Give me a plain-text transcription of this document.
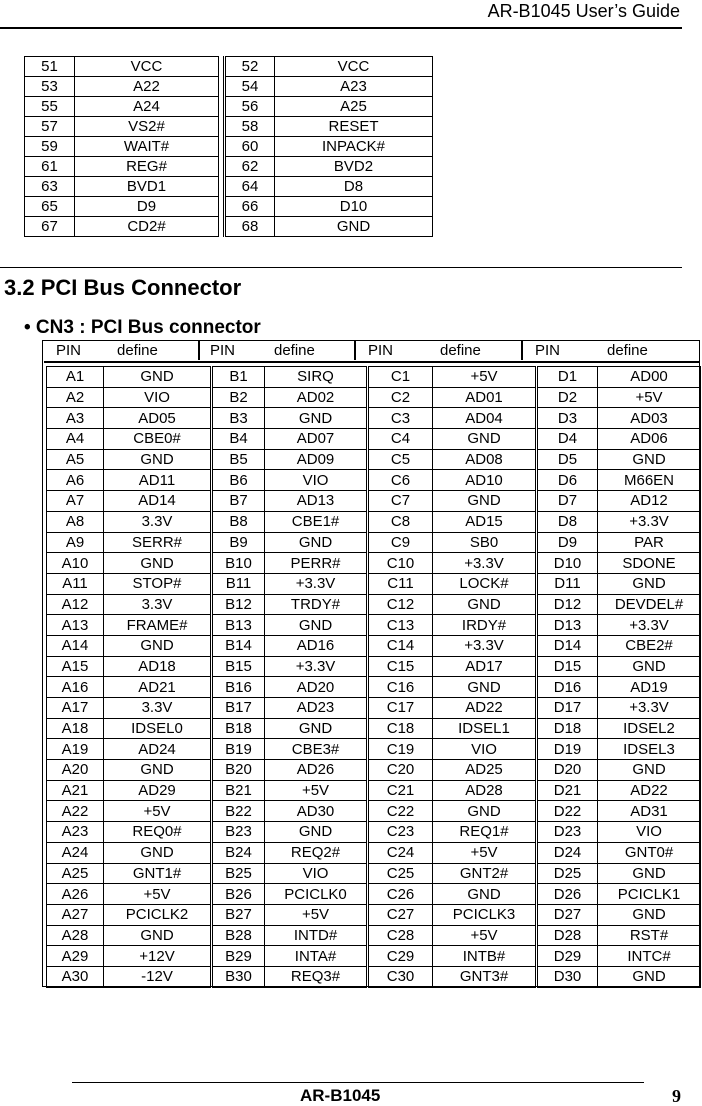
AR-B1045 User’s Guide
51	VCC		52	VCC
53	A22		54	A23
55	A24		56	A25
57	VS2#		58	RESET
59	WAIT#		60	INPACK#
61	REG#		62	BVD2
63	BVD1		64	D8
65	D9		66	D10
67	CD2#		68	GND
3.2 PCI Bus Connector
• CN3 : PCI Bus connector
PIN define	PIN	define	PIN	define	PIN	define
A1	GND	B1	SIRQ	C1	+5V	D1	AD00
A2	VIO	B2	AD02	C2	AD01	D2	+5V
A3	AD05	B3	GND	C3	AD04	D3	AD03
A4	CBE0#	B4	AD07	C4	GND	D4	AD06
A5	GND	B5	AD09	C5	AD08	D5	GND
A6	AD11	B6	VIO	C6	AD10	D6	M66EN
A7	AD14	B7	AD13	C7	GND	D7	AD12
A8	3.3V	B8	CBE1#	C8	AD15	D8	+3.3V
A9	SERR#	B9	GND	C9	SB0	D9	PAR
A10	GND	B10	PERR#	C10	+3.3V	D10	SDONE
A11	STOP#	B11	+3.3V	C11	LOCK#	D11	GND
A12	3.3V	B12	TRDY#	C12	GND	D12	DEVDEL#
A13	FRAME#	B13	GND	C13	IRDY#	D13	+3.3V
A14	GND	B14	AD16	C14	+3.3V	D14	CBE2#
A15	AD18	B15	+3.3V	C15	AD17	D15	GND
A16	AD21	B16	AD20	C16	GND	D16	AD19
A17	3.3V	B17	AD23	C17	AD22	D17	+3.3V
A18	IDSEL0	B18	GND	C18	IDSEL1	D18	IDSEL2
A19	AD24	B19	CBE3#	C19	VIO	D19	IDSEL3
A20	GND	B20	AD26	C20	AD25	D20	GND
A21	AD29	B21	+5V	C21	AD28	D21	AD22
A22	+5V	B22	AD30	C22	GND	D22	AD31
A23	REQ0#	B23	GND	C23	REQ1#	D23	VIO
A24	GND	B24	REQ2#	C24	+5V	D24	GNT0#
A25	GNT1#	B25	VIO	C25	GNT2#	D25	GND
A26	+5V	B26	PCICLK0	C26	GND	D26	PCICLK1
A27	PCICLK2	B27	+5V	C27	PCICLK3	D27	GND
A28	GND	B28	INTD#	C28	+5V	D28	RST#
A29	+12V	B29	INTA#	C29	INTB#	D29	INTC#
A30	-12V	B30	REQ3#	C30	GNT3#	D30	GND
AR-B1045	9
